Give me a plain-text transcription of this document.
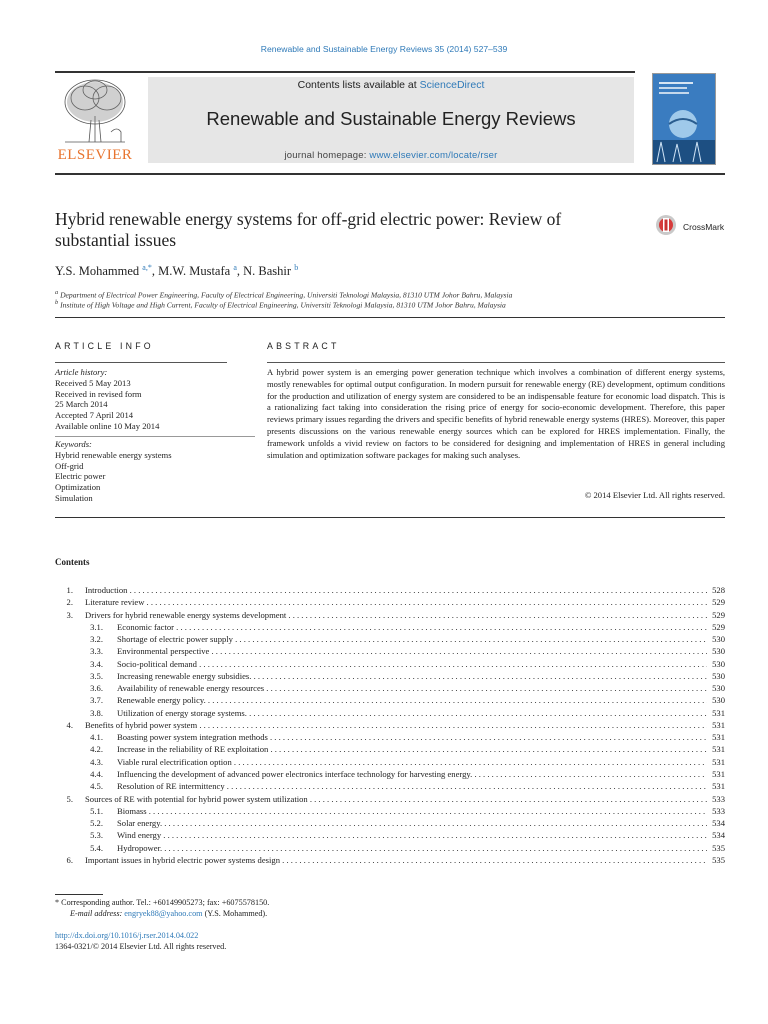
Renewable and Sustainable Energy Reviews 35 (2014) 527–539
ELSEVIER
Contents lists available at ScienceDirect
Renewable and Sustainable Energy Reviews
journal homepage: www.elsevier.com/locate/rser
Hybrid renewable energy systems for off-grid electric power: Review of substantial issues
CrossMark
Y.S. Mohammed $^{a,*}$, M.W. Mustafa $^a$, N. Bashir $^b$
$^a$ Department of Electrical Power Engineering, Faculty of Electrical Engineering, Universiti Teknologi Malaysia, 81310 UTM Johor Bahru, Malaysia
$^b$ Institute of High Voltage and High Current, Faculty of Electrical Engineering, Universiti Teknologi Malaysia, 81310 UTM Johor Bahru, Malaysia
ARTICLE INFO
Article history:
Received 5 May 2013
Received in revised form
25 March 2014
Accepted 7 April 2014
Available online 10 May 2014
Keywords:
Hybrid renewable energy systems
Off-grid
Electric power
Optimization
Simulation
ABSTRACT
A hybrid power system is an emerging power generation technique which involves a combination of different energy systems, mostly renewables for optimal output configuration. In modern pursuit for renewable energy (RE) development, optimum conditions for the production and utilization of energy system are considered to be an indispensable feature for economic load dispatch. This is a rationalizing fact taking into consideration the rising price of energy for socio-economic development. Therefore, this paper reviews primary issues regarding the drivers and specific benefits of hybrid renewable energy systems (HRES). Moreover, this paper presents discussions on the various renewable energy sources which can be explored for HRES implementation. Finally, the framework unfolds a vivid review on factors to be considered for designing and implementation of HRES in general including simulation and optimization software packages for making such analyses.
© 2014 Elsevier Ltd. All rights reserved.
Contents
1. Introduction . . .	528
2. Literature review . . .	529
3. Drivers for hybrid renewable energy systems development . . .	529
3.1. Economic factor . . .	529
3.2. Shortage of electric power supply . . .	530
3.3. Environmental perspective . . .	530
3.4. Socio-political demand . . .	530
3.5. Increasing renewable energy subsidies. . . .	530
3.6. Availability of renewable energy resources . . .	530
3.7. Renewable energy policy. . . .	530
3.8. Utilization of energy storage systems. . . .	531
4. Benefits of hybrid power system . . .	531
4.1. Boasting power system integration methods . . .	531
4.2. Increase in the reliability of RE exploitation . . .	531
4.3. Viable rural electrification option . . .	531
4.4. Influencing the development of advanced power electronics interface technology for harvesting energy. . . .	531
4.5. Resolution of RE intermittency . . .	531
5. Sources of RE with potential for hybrid power system utilization . . .	533
5.1. Biomass . . .	533
5.2. Solar energy. . . .	534
5.3. Wind energy . . .	534
5.4. Hydropower. . . .	535
6. Important issues in hybrid electric power systems design . . .	535
* Corresponding author. Tel.: +60149905273; fax: +6075578150.
E-mail address: engryek88@yahoo.com (Y.S. Mohammed).
http://dx.doi.org/10.1016/j.rser.2014.04.022
1364-0321/© 2014 Elsevier Ltd. All rights reserved.
